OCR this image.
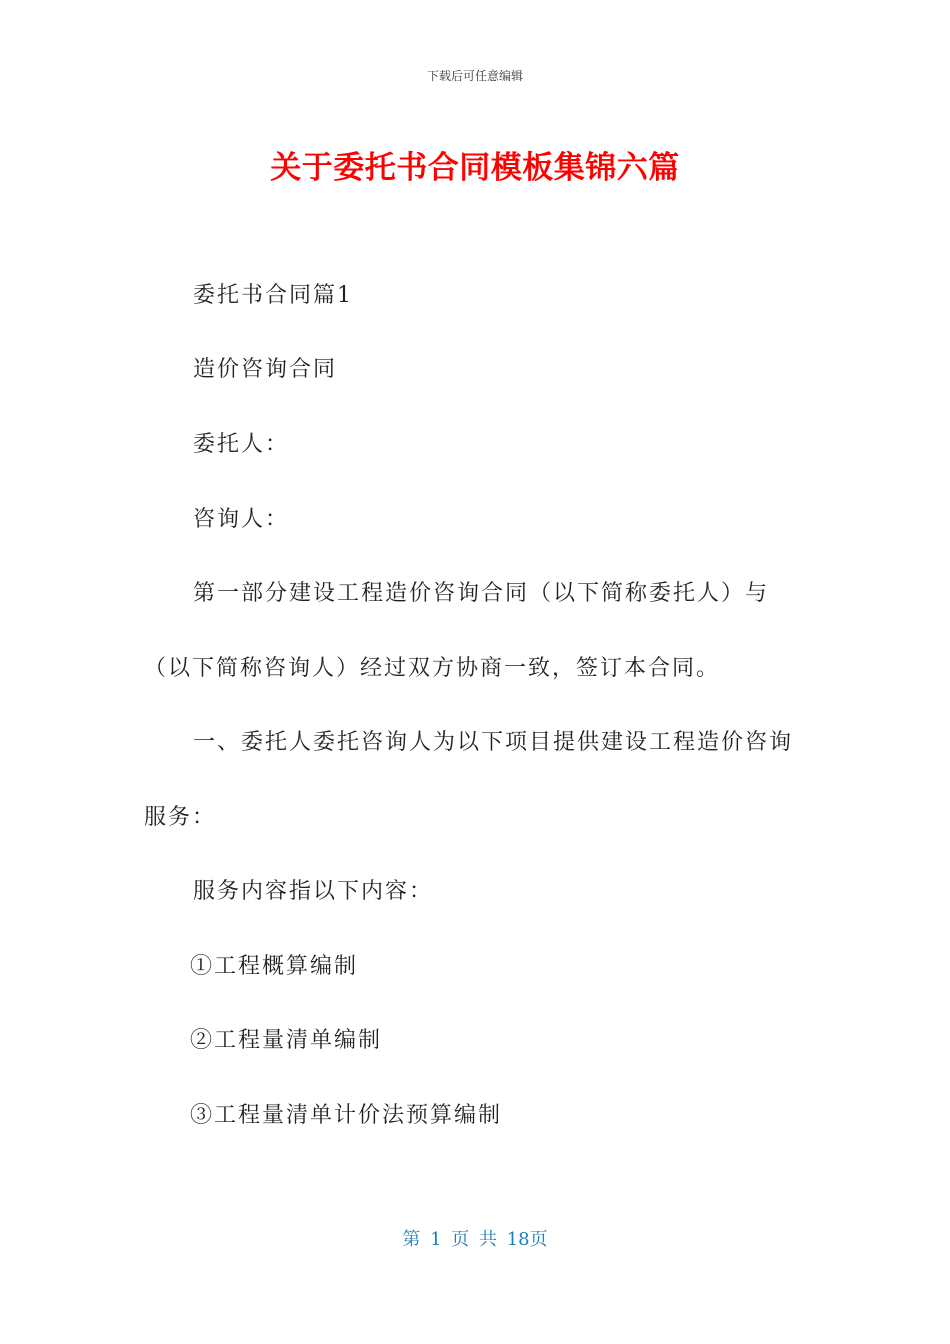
下载后可任意编辑
关于委托书合同模板集锦六篇
委托书合同篇1
造价咨询合同
委托人：
咨询人：
第一部分建设工程造价咨询合同（以下简称委托人）与
（以下简称咨询人）经过双方协商一致，签订本合同。
一、委托人委托咨询人为以下项目提供建设工程造价咨询
服务：
服务内容指以下内容：
①工程概算编制
②工程量清单编制
③工程量清单计价法预算编制
第 1 页 共 18页
